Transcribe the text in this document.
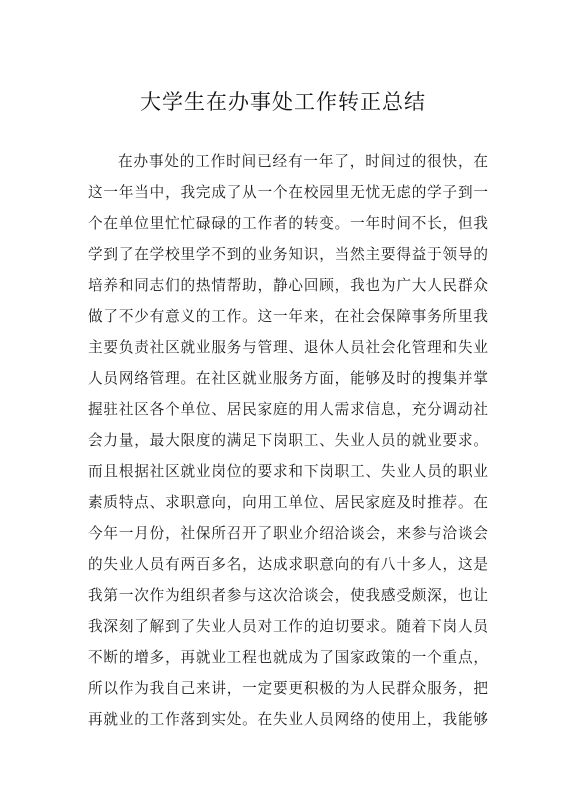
大学生在办事处工作转正总结
在办事处的工作时间已经有一年了，时间过的很快，在
这一年当中，我完成了从一个在校园里无忧无虑的学子到一
个在单位里忙忙碌碌的工作者的转变。一年时间不长，但我
学到了在学校里学不到的业务知识，当然主要得益于领导的
培养和同志们的热情帮助，静心回顾，我也为广大人民群众
做了不少有意义的工作。这一年来，在社会保障事务所里我
主要负责社区就业服务与管理、退休人员社会化管理和失业
人员网络管理。在社区就业服务方面，能够及时的搜集并掌
握驻社区各个单位、居民家庭的用人需求信息，充分调动社
会力量，最大限度的满足下岗职工、失业人员的就业要求。
而且根据社区就业岗位的要求和下岗职工、失业人员的职业
素质特点、求职意向，向用工单位、居民家庭及时推荐。在
今年一月份，社保所召开了职业介绍洽谈会，来参与洽谈会
的失业人员有两百多名，达成求职意向的有八十多人，这是
我第一次作为组织者参与这次洽谈会，使我感受颇深，也让
我深刻了解到了失业人员对工作的迫切要求。随着下岗人员
不断的增多，再就业工程也就成为了国家政策的一个重点，
所以作为我自己来讲，一定要更积极的为人民群众服务，把
再就业的工作落到实处。在失业人员网络的使用上，我能够
